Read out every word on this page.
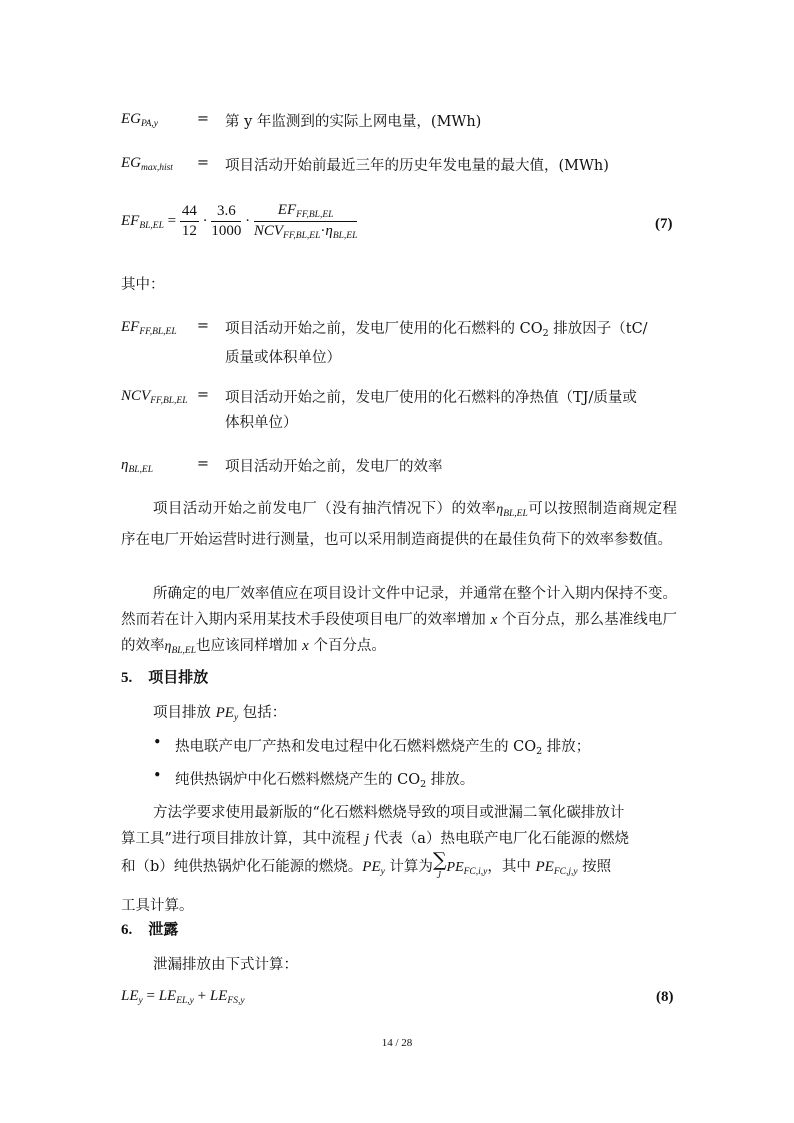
$EG_{PA,y}$	= 第 y 年监测到的实际上网电量，(MWh)
$EG_{max,hist}$	= 项目活动开始前最近三年的历史年发电量的最大值，(MWh)
$EF_{BL,EL} = \frac{44}{12} \cdot \frac{3.6}{1000} \cdot \frac{EF_{FF,BL,EL}}{NCV_{FF,BL,EL}\cdot\eta_{BL,EL}}$	(7)
其中：
$EF_{FF,BL,EL}$	= 项目活动开始之前，发电厂使用的化石燃料的 $CO_2$ 排放因子（tC/
质量或体积单位）
$NCV_{FF,BL,EL}$ = 项目活动开始之前，发电厂使用的化石燃料的净热值（TJ/质量或
体积单位）
$\eta_{BL,EL}$	= 项目活动开始之前，发电厂的效率
项目活动开始之前发电厂（没有抽汽情况下）的效率$\eta_{BL,EL}$可以按照制造商规定程序在电厂开始运营时进行测量，也可以采用制造商提供的在最佳负荷下的效率参数值。
所确定的电厂效率值应在项目设计文件中记录，并通常在整个计入期内保持不变。然而若在计入期内采用某技术手段使项目电厂的效率增加 x 个百分点，那么基准线电厂的效率$\eta_{BL,EL}$也应该同样增加 x 个百分点。
5. 项目排放
项目排放 $PE_y$ 包括：
• 热电联产电厂产热和发电过程中化石燃料燃烧产生的 $CO_2$ 排放；
• 纯供热锅炉中化石燃料燃烧产生的 $CO_2$ 排放。
方法学要求使用最新版的“化石燃料燃烧导致的项目或泄漏二氧化碳排放计
算工具”进行项目排放计算，其中流程 j 代表（a）热电联产电厂化石能源的燃烧
和（b）纯供热锅炉化石能源的燃烧。$PE_y$ 计算为 ∑
j $PE_{FC,i,y}$，其中 $PE_{FC,j,y}$ 按照
工具计算。
6. 泄露
泄漏排放由下式计算：
$LE_y = LE_{EL,y} + LE_{FS,y}$	(8)
14 / 28
